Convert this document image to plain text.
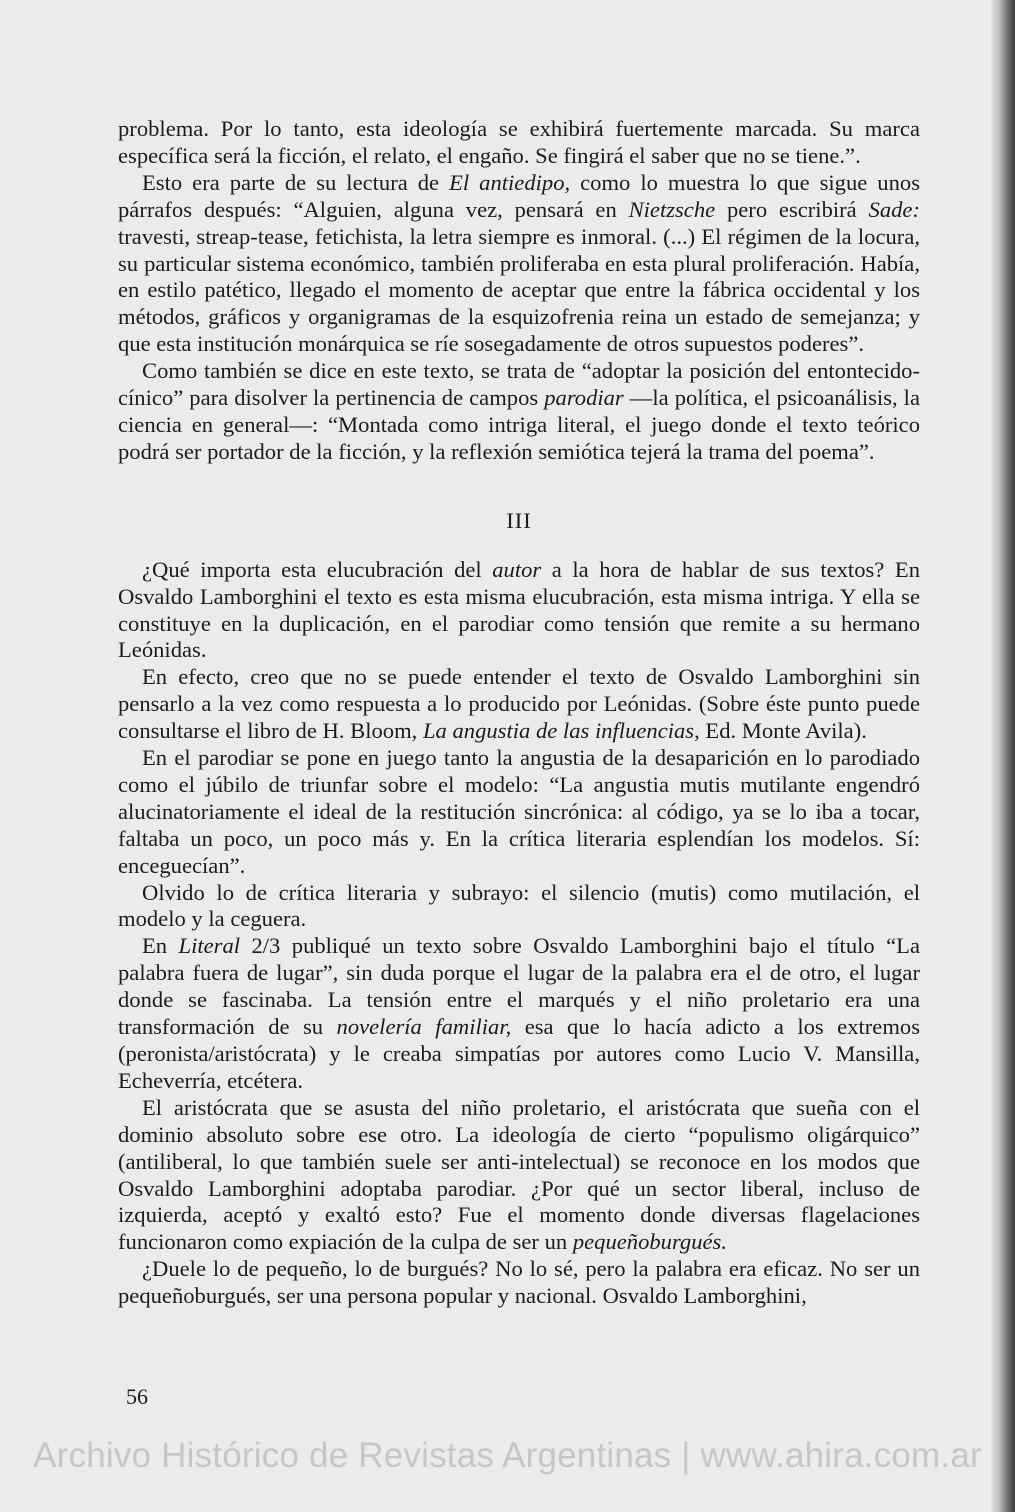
problema. Por lo tanto, esta ideología se exhibirá fuertemente marcada. Su marca específica será la ficción, el relato, el engaño. Se fingirá el saber que no se tiene.”.

Esto era parte de su lectura de El antiedipo, como lo muestra lo que sigue unos párrafos después: “Alguien, alguna vez, pensará en Nietzsche pero escribirá Sade: travesti, streap-tease, fetichista, la letra siempre es inmoral. (...) El régimen de la locura, su particular sistema económico, también proliferaba en esta plural proliferación. Había, en estilo patético, llegado el momento de aceptar que entre la fábrica occidental y los métodos, gráficos y organigramas de la esquizofrenia reina un estado de semejanza; y que esta institución monárquica se ríe sosegadamente de otros supuestos poderes”.

Como también se dice en este texto, se trata de “adoptar la posición del entontecido-cínico” para disolver la pertinencia de campos parodiar —la política, el psicoanálisis, la ciencia en general—: “Montada como intriga literal, el juego donde el texto teórico podrá ser portador de la ficción, y la reflexión semiótica tejerá la trama del poema”.

III

¿Qué importa esta elucubración del autor a la hora de hablar de sus textos? En Osvaldo Lamborghini el texto es esta misma elucubración, esta misma intriga. Y ella se constituye en la duplicación, en el parodiar como tensión que remite a su hermano Leónidas.

En efecto, creo que no se puede entender el texto de Osvaldo Lamborghini sin pensarlo a la vez como respuesta a lo producido por Leónidas. (Sobre éste punto puede consultarse el libro de H. Bloom, La angustia de las influencias, Ed. Monte Avila).

En el parodiar se pone en juego tanto la angustia de la desaparición en lo parodiado como el júbilo de triunfar sobre el modelo: “La angustia mutis mutilante engendró alucinatoriamente el ideal de la restitución sincrónica: al código, ya se lo iba a tocar, faltaba un poco, un poco más y. En la crítica literaria esplendían los modelos. Sí: enceguecían”.

Olvido lo de crítica literaria y subrayo: el silencio (mutis) como mutilación, el modelo y la ceguera.

En Literal 2/3 publiqué un texto sobre Osvaldo Lamborghini bajo el título “La palabra fuera de lugar”, sin duda porque el lugar de la palabra era el de otro, el lugar donde se fascinaba. La tensión entre el marqués y el niño proletario era una transformación de su novelería familiar, esa que lo hacía adicto a los extremos (peronista/aristócrata) y le creaba simpatías por autores como Lucio V. Mansilla, Echeverría, etcétera.

El aristócrata que se asusta del niño proletario, el aristócrata que sueña con el dominio absoluto sobre ese otro. La ideología de cierto “populismo oligárquico” (antiliberal, lo que también suele ser anti-intelectual) se reconoce en los modos que Osvaldo Lamborghini adoptaba parodiar. ¿Por qué un sector liberal, incluso de izquierda, aceptó y exaltó esto? Fue el momento donde diversas flagelaciones funcionaron como expiación de la culpa de ser un pequeñoburgués.

¿Duele lo de pequeño, lo de burgués? No lo sé, pero la palabra era eficaz. No ser un pequeñoburgués, ser una persona popular y nacional. Osvaldo Lamborghini,

56
Archivo Histórico de Revistas Argentinas | www.ahira.com.ar
